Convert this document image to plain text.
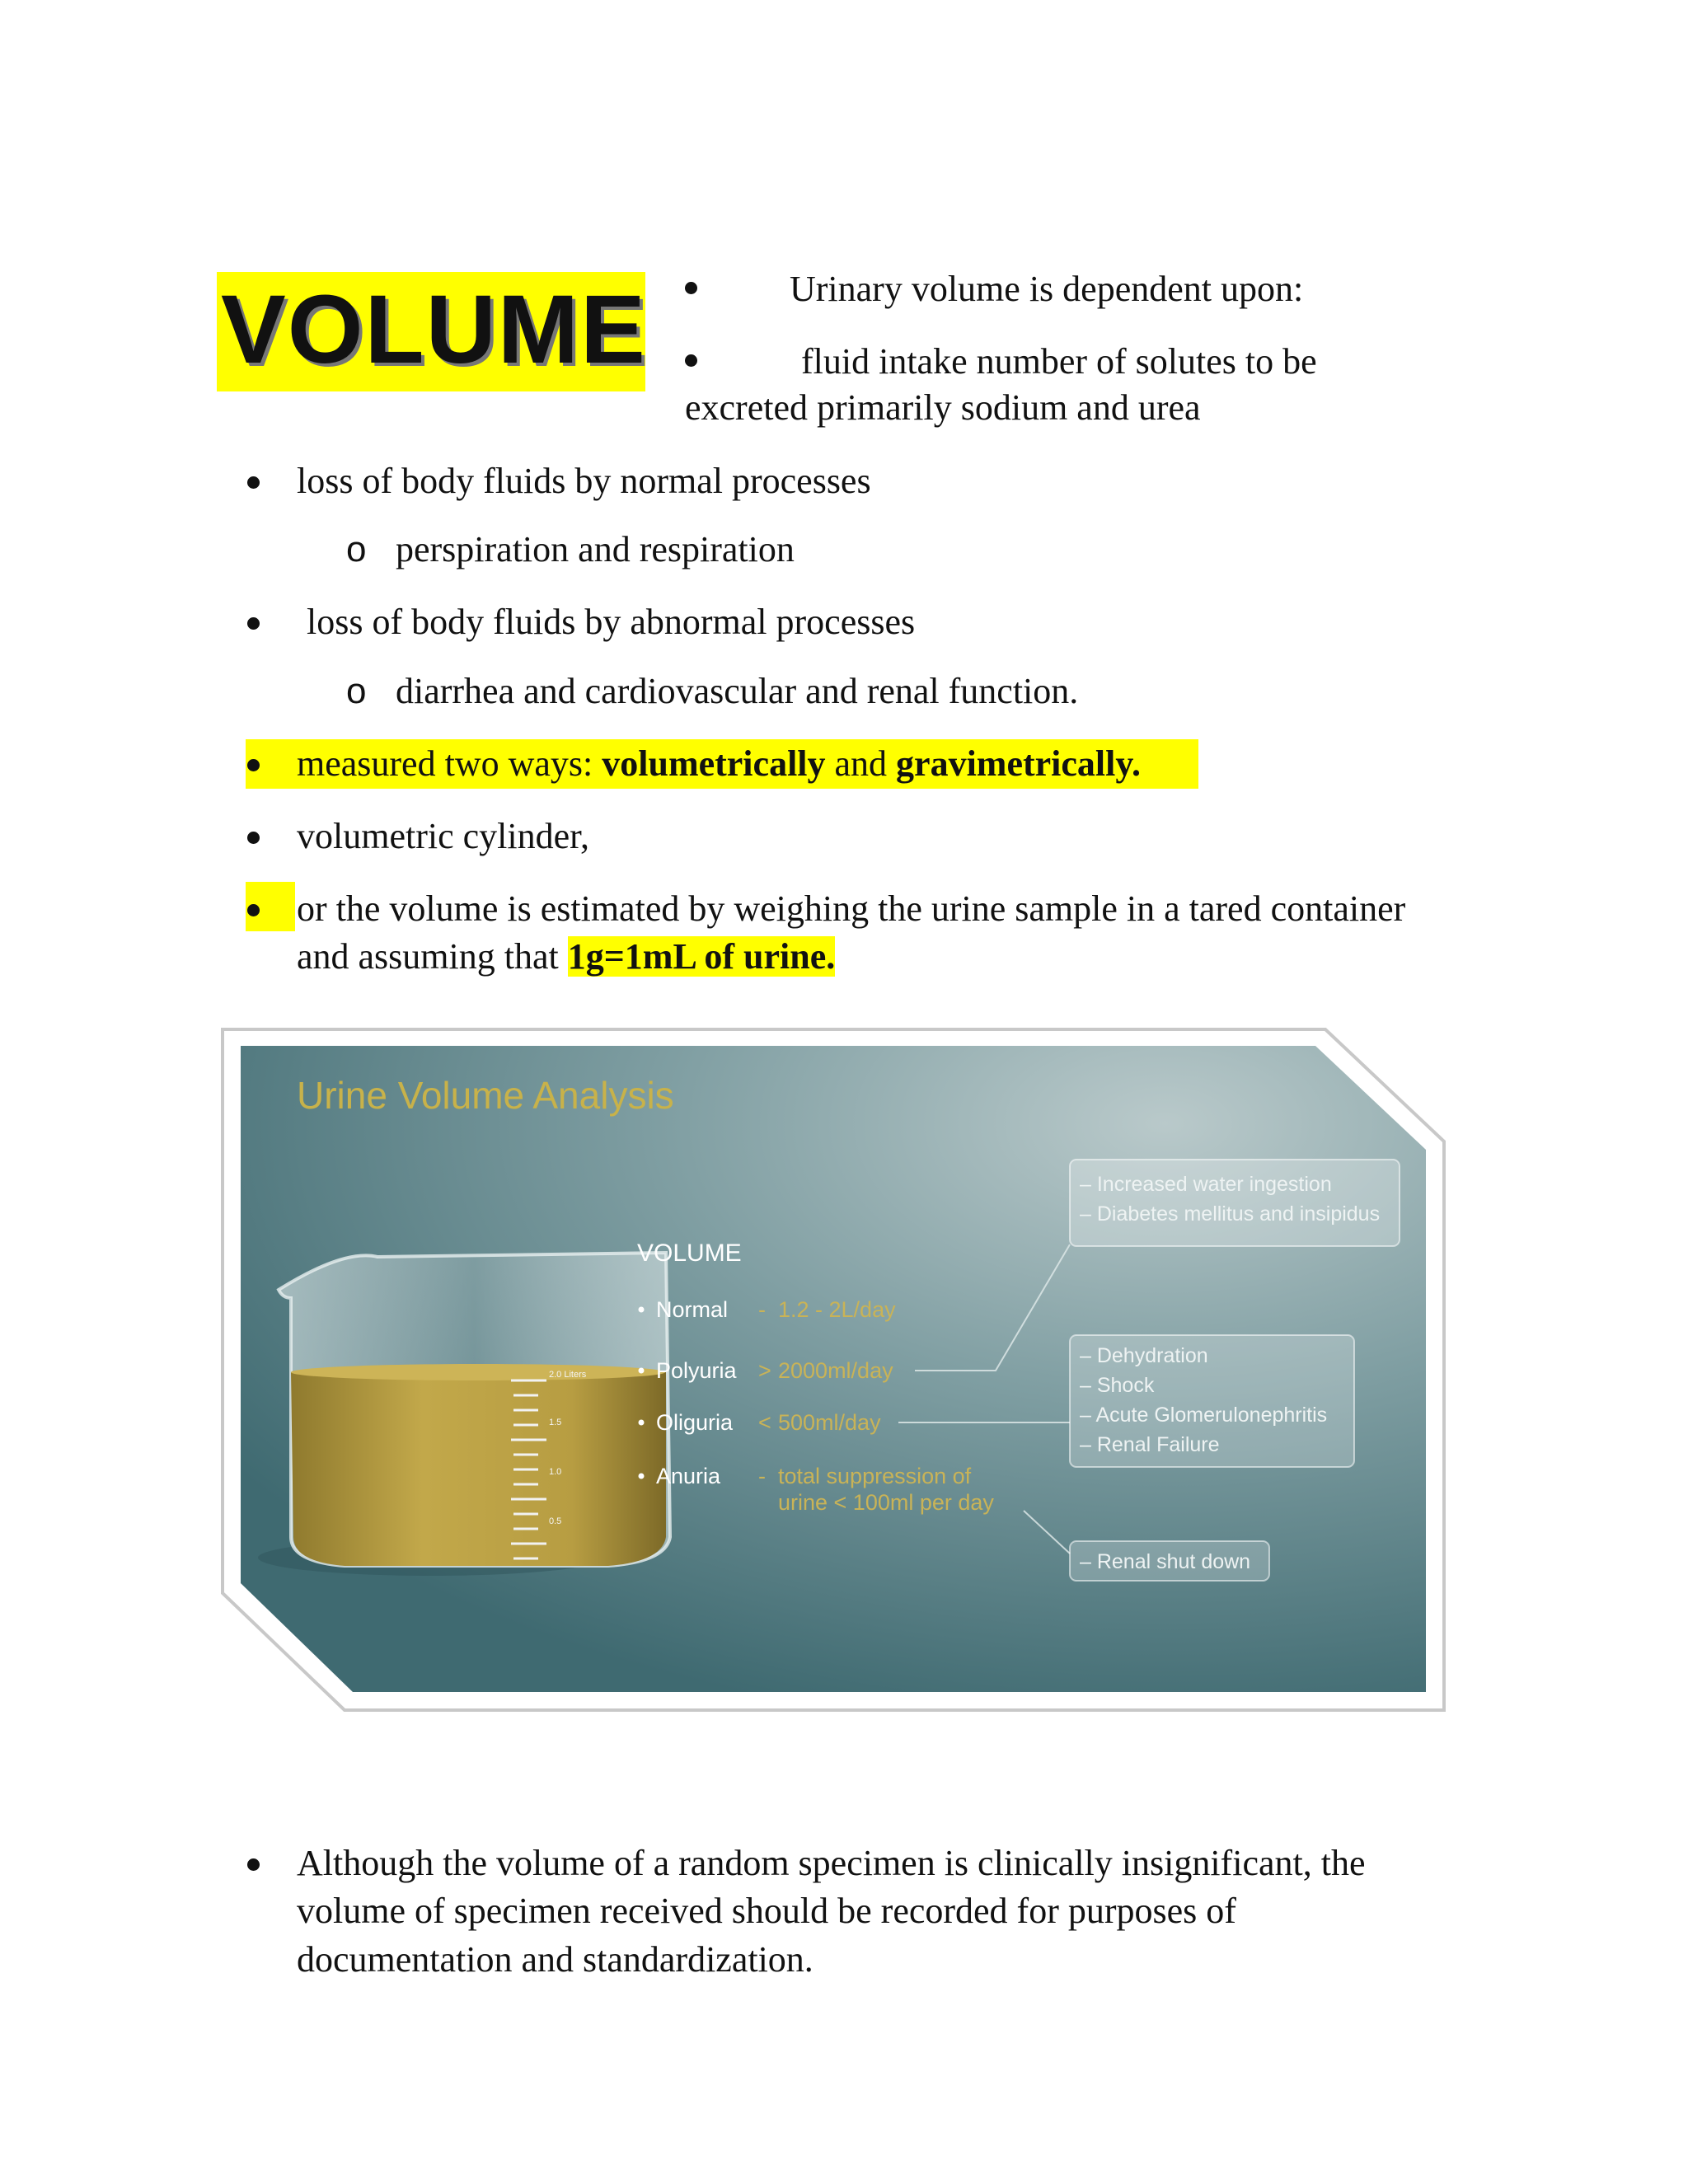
VOLUME	Urinary volume is dependent upon:
fluid intake number of solutes to be
excreted primarily sodium and urea
loss of body fluids by normal processes
o perspiration and respiration
loss of body fluids by abnormal processes
o diarrhea and cardiovascular and renal function.
measured two ways: volumetrically and gravimetrically.
volumetric cylinder,
or the volume is estimated by weighing the urine sample in a tared container
and assuming that 1g=1mL of urine.
Urine Volume Analysis
2.0 Liters
1.5
1.0
0.5
VOLUME
Normal - 1.2 - 2L/day
Polyuria > 2000ml/day
Oliguria < 500ml/day
Anuria - total suppression of
urine < 100ml per day
– Increased water ingestion
– Diabetes mellitus and insipidus
– Dehydration
– Shock
– Acute Glomerulonephritis
– Renal Failure
– Renal shut down
Although the volume of a random specimen is clinically insignificant, the
volume of specimen received should be recorded for purposes of
documentation and standardization.
